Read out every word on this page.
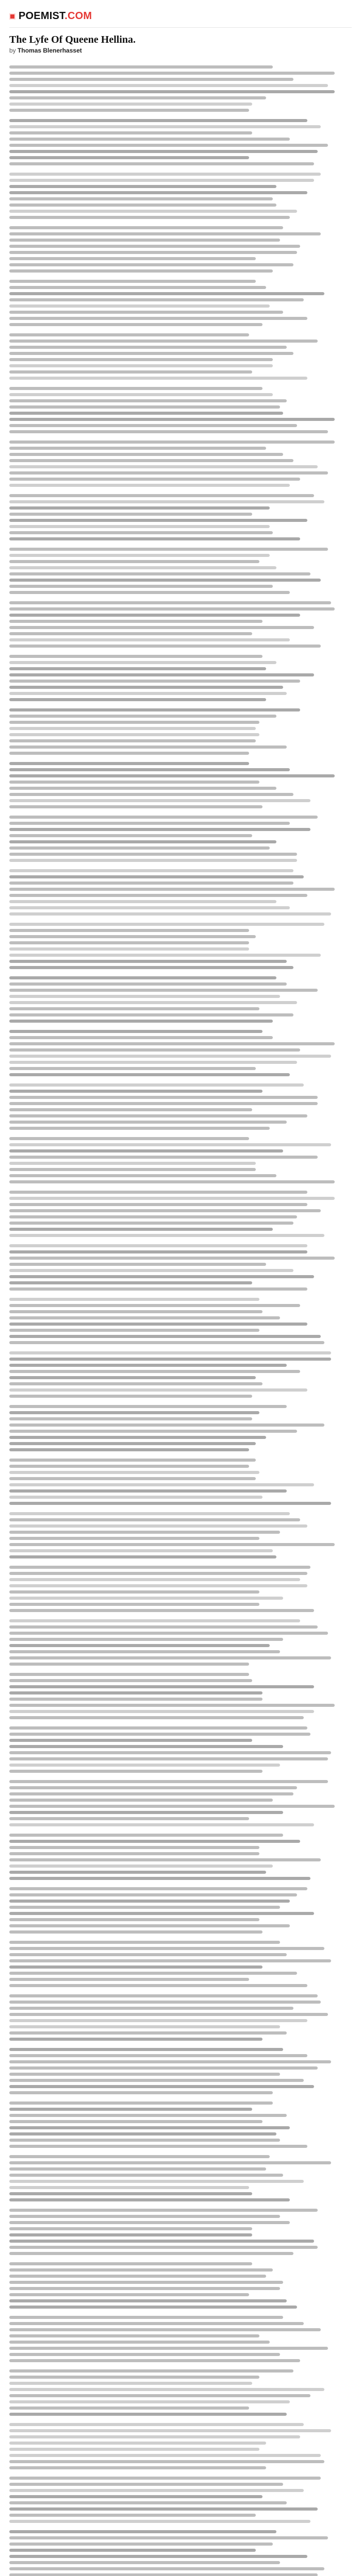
POEMIST.COM
The Lyfe Of Queene Hellina.
by Thomas Blenerhasset
